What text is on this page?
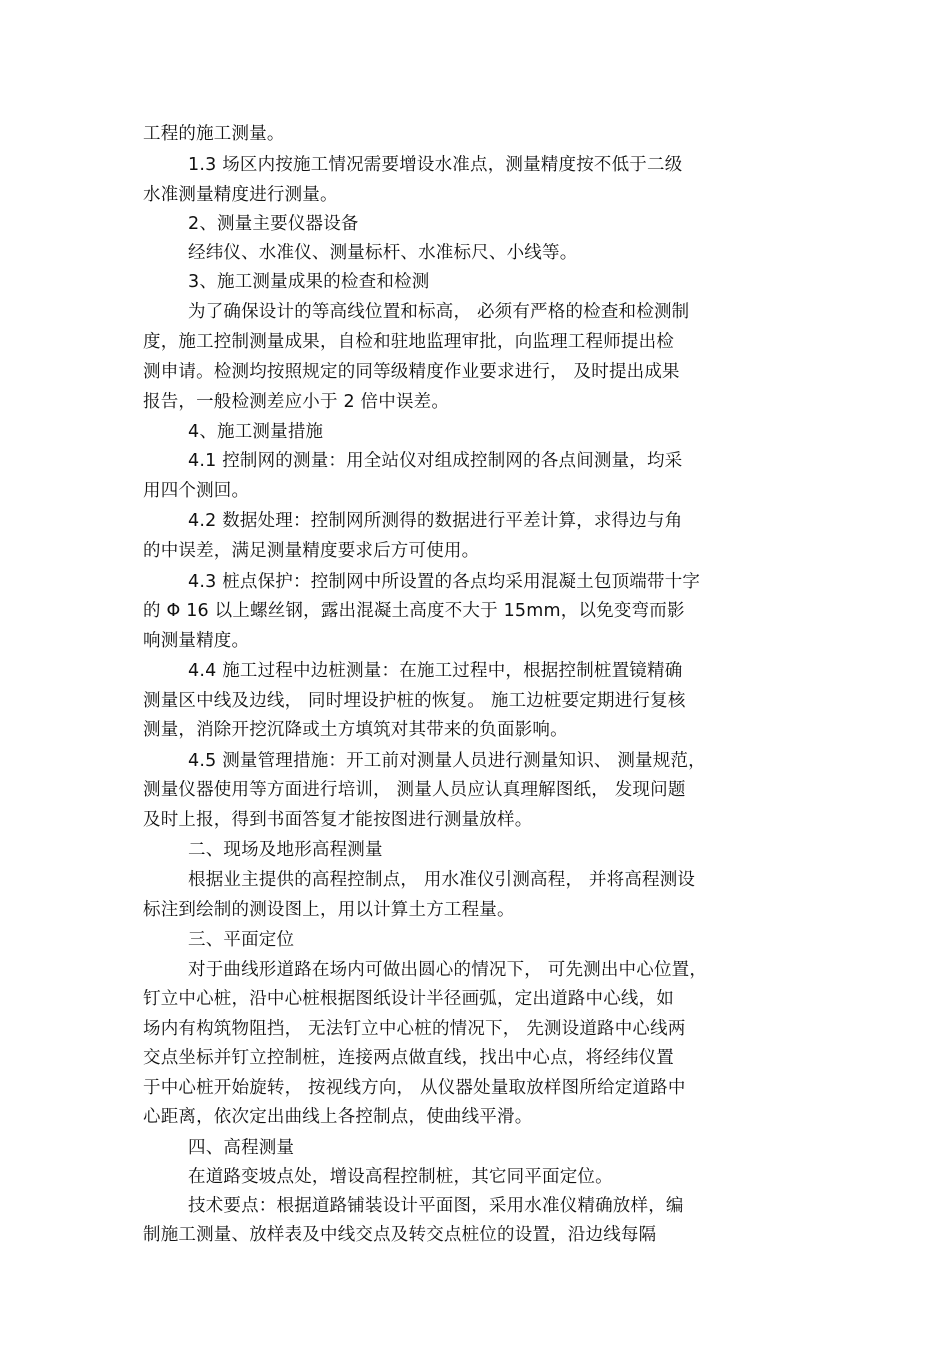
工程的施工测量。
1.3 场区内按施工情况需要增设水准点，测量精度按不低于二级
水准测量精度进行测量。
2、测量主要仪器设备
经纬仪、水准仪、测量标杆、水准标尺、小线等。
3、施工测量成果的检查和检测
为了确保设计的等高线位置和标高， 必须有严格的检查和检测制
度，施工控制测量成果，自检和驻地监理审批，向监理工程师提出检
测申请。检测均按照规定的同等级精度作业要求进行， 及时提出成果
报告，一般检测差应小于 2 倍中误差。
4、施工测量措施
4.1 控制网的测量：用全站仪对组成控制网的各点间测量，均采
用四个测回。
4.2 数据处理：控制网所测得的数据进行平差计算，求得边与角
的中误差，满足测量精度要求后方可使用。
4.3 桩点保护：控制网中所设置的各点均采用混凝土包顶端带十字
的 Φ 16 以上螺丝钢，露出混凝土高度不大于 15mm，以免变弯而影
响测量精度。
4.4 施工过程中边桩测量：在施工过程中，根据控制桩置镜精确
测量区中线及边线， 同时埋设护桩的恢复。 施工边桩要定期进行复核
测量，消除开挖沉降或土方填筑对其带来的负面影响。
4.5 测量管理措施：开工前对测量人员进行测量知识、 测量规范，
测量仪器使用等方面进行培训， 测量人员应认真理解图纸， 发现问题
及时上报，得到书面答复才能按图进行测量放样。
二、现场及地形高程测量
根据业主提供的高程控制点， 用水准仪引测高程， 并将高程测设
标注到绘制的测设图上，用以计算土方工程量。
三、平面定位
对于曲线形道路在场内可做出圆心的情况下， 可先测出中心位置，
钉立中心桩，沿中心桩根据图纸设计半径画弧，定出道路中心线，如
场内有构筑物阻挡， 无法钉立中心桩的情况下， 先测设道路中心线两
交点坐标并钉立控制桩，连接两点做直线，找出中心点，将经纬仪置
于中心桩开始旋转， 按视线方向， 从仪器处量取放样图所给定道路中
心距离，依次定出曲线上各控制点，使曲线平滑。
四、高程测量
在道路变坡点处，增设高程控制桩，其它同平面定位。
技术要点：根据道路铺装设计平面图，采用水准仪精确放样，编
制施工测量、放样表及中线交点及转交点桩位的设置，沿边线每隔
